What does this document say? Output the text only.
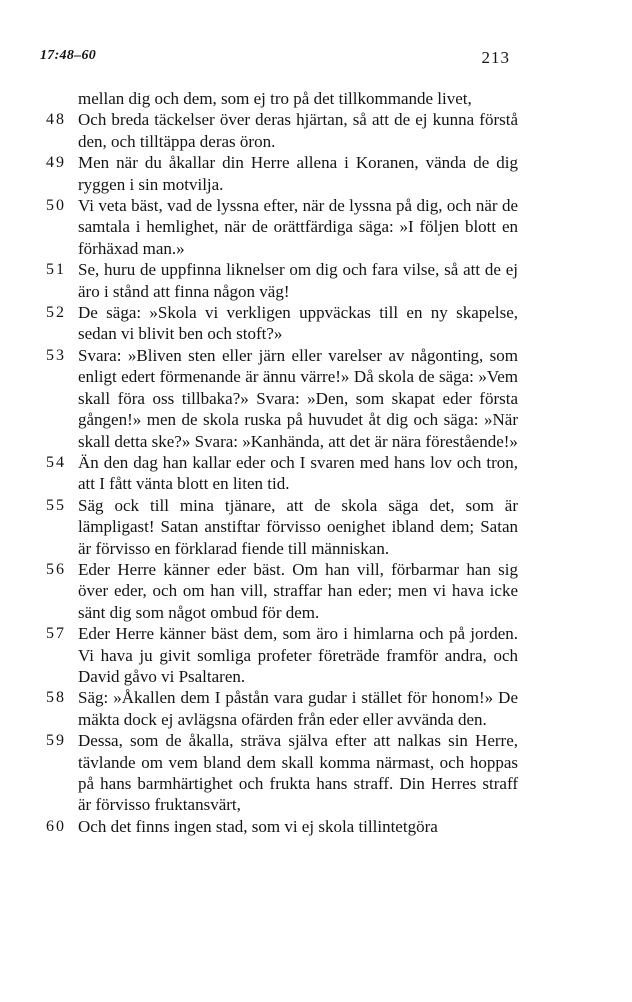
17:48–60	213
mellan dig och dem, som ej tro på det tillkommande livet,
48 Och breda täckelser över deras hjärtan, så att de ej kunna förstå den, och tilltäppa deras öron.
49 Men när du åkallar din Herre allena i Koranen, vända de dig ryggen i sin motvilja.
50 Vi veta bäst, vad de lyssna efter, när de lyssna på dig, och när de samtala i hemlighet, när de orättfärdiga säga: »I följen blott en förhäxad man.»
51 Se, huru de uppfinna liknelser om dig och fara vilse, så att de ej äro i stånd att finna någon väg!
52 De säga: »Skola vi verkligen uppväckas till en ny skapelse, sedan vi blivit ben och stoft?»
53 Svara: »Bliven sten eller järn eller varelser av någonting, som enligt edert förmenande är ännu värre!» Då skola de säga: »Vem skall föra oss tillbaka?» Svara: »Den, som skapat eder första gången!» men de skola ruska på huvudet åt dig och säga: »När skall detta ske?» Svara: »Kanhända, att det är nära förestående!»
54 Än den dag han kallar eder och I svaren med hans lov och tron, att I fått vänta blott en liten tid.
55 Säg ock till mina tjänare, att de skola säga det, som är lämpligast! Satan anstiftar förvisso oenighet ibland dem; Satan är förvisso en förklarad fiende till människan.
56 Eder Herre känner eder bäst. Om han vill, förbarmar han sig över eder, och om han vill, straffar han eder; men vi hava icke sänt dig som något ombud för dem.
57 Eder Herre känner bäst dem, som äro i himlarna och på jorden. Vi hava ju givit somliga profeter företräde framför andra, och David gåvo vi Psaltaren.
58 Säg: »Åkallen dem I påstån vara gudar i stället för honom!» De mäkta dock ej avlägsna ofärden från eder eller avvända den.
59 Dessa, som de åkalla, sträva själva efter att nalkas sin Herre, tävlande om vem bland dem skall komma närmast, och hoppas på hans barmhärtighet och frukta hans straff. Din Herres straff är förvisso fruktansvärt,
60 Och det finns ingen stad, som vi ej skola tillintetgöra
